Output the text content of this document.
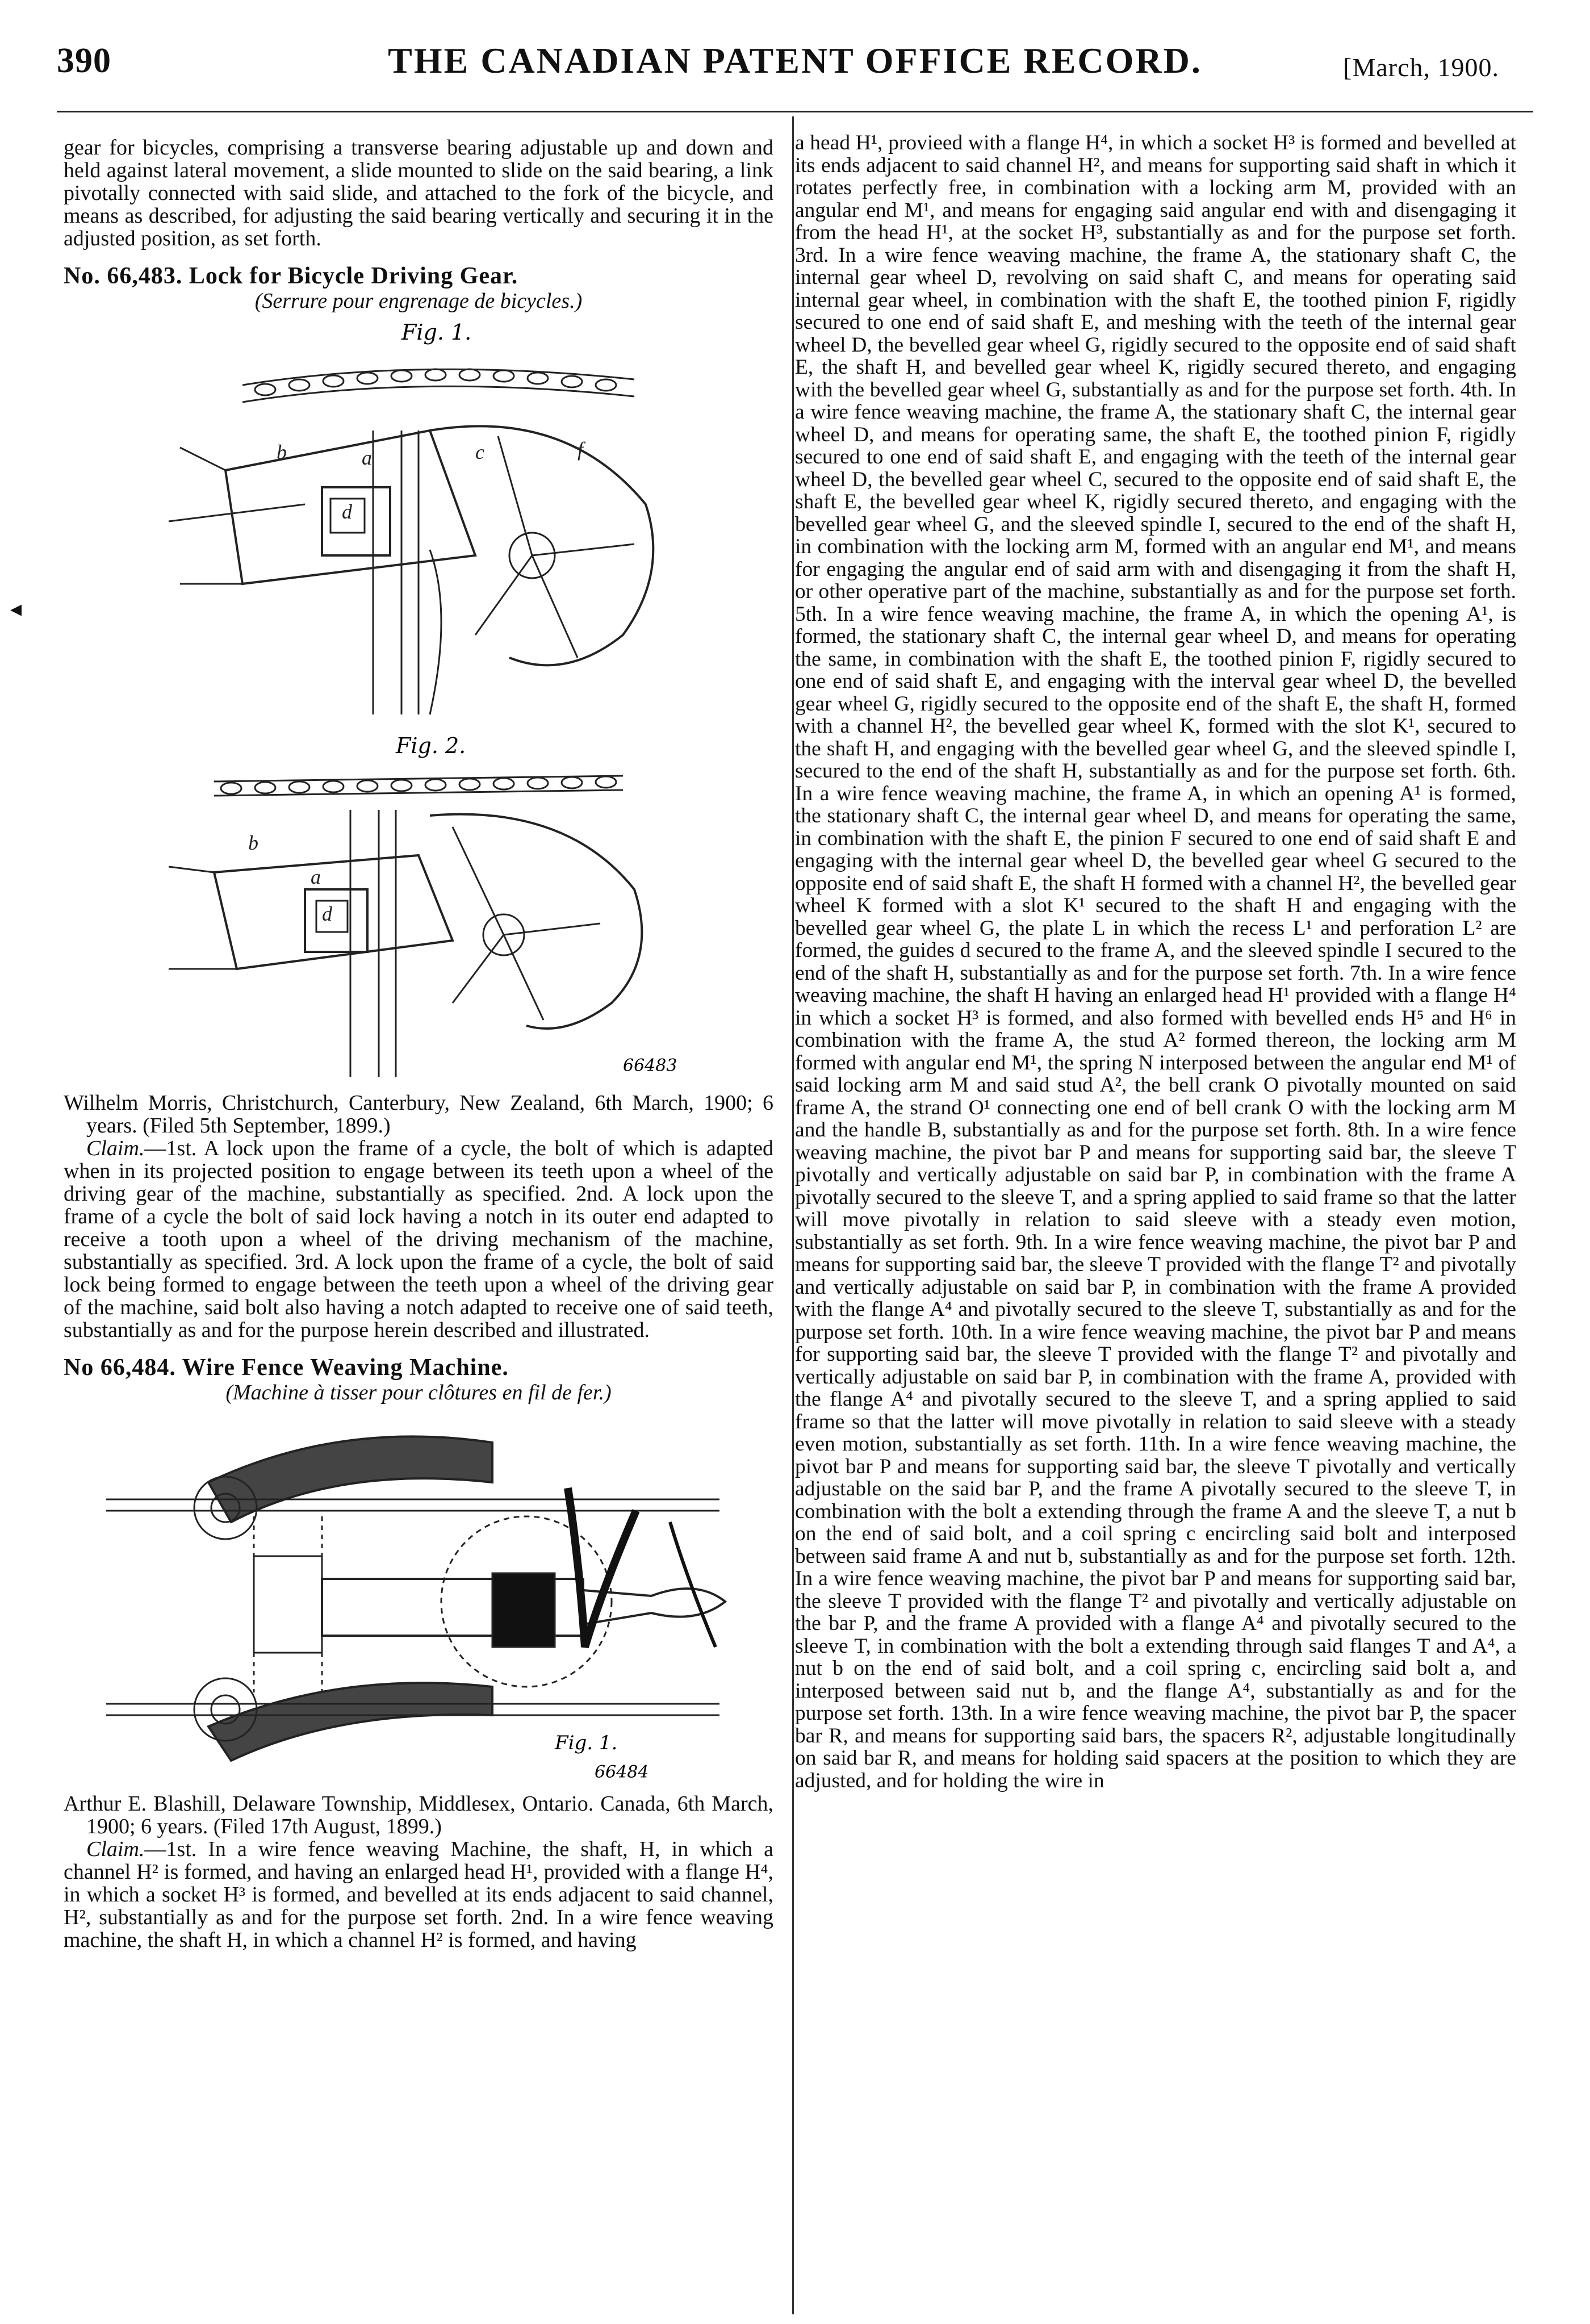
390	THE CANADIAN PATENT OFFICE RECORD.	[March, 1900.
◂

gear for bicycles, comprising a transverse bearing adjustable up and down and held against lateral movement, a slide mounted to slide on the said bearing, a link pivotally connected with said slide, and attached to the fork of the bicycle, and means as described, for adjusting the said bearing vertically and securing it in the adjusted position, as set forth.

No. 66,483. Lock for Bicycle Driving Gear.

(Serrure pour engrenage de bicycles.)

Fig. 1.
b	a
d
c	f
Fig. 2.
b
a
d
66483

Wilhelm Morris, Christchurch, Canterbury, New Zealand, 6th March, 1900; 6 years. (Filed 5th September, 1899.)

Claim.—1st. A lock upon the frame of a cycle, the bolt of which is adapted when in its projected position to engage between its teeth upon a wheel of the driving gear of the machine, substantially as specified. 2nd. A lock upon the frame of a cycle the bolt of said lock having a notch in its outer end adapted to receive a tooth upon a wheel of the driving mechanism of the machine, substantially as specified. 3rd. A lock upon the frame of a cycle, the bolt of said lock being formed to engage between the teeth upon a wheel of the driving gear of the machine, said bolt also having a notch adapted to receive one of said teeth, substantially as and for the purpose herein described and illustrated.

No 66,484. Wire Fence Weaving Machine.

(Machine à tisser pour clôtures en fil de fer.)

Fig. 1.
66484

Arthur E. Blashill, Delaware Township, Middlesex, Ontario. Canada, 6th March, 1900; 6 years. (Filed 17th August, 1899.)

Claim.—1st. In a wire fence weaving Machine, the shaft, H, in which a channel H² is formed, and having an enlarged head H¹, provided with a flange H⁴, in which a socket H³ is formed, and bevelled at its ends adjacent to said channel, H², substantially as and for the purpose set forth. 2nd. In a wire fence weaving machine, the shaft H, in which a channel H² is formed, and having

a head H¹, provieed with a flange H⁴, in which a socket H³ is formed and bevelled at its ends adjacent to said channel H², and means for supporting said shaft in which it rotates perfectly free, in combination with a locking arm M, provided with an angular end M¹, and means for engaging said angular end with and disengaging it from the head H¹, at the socket H³, substantially as and for the purpose set forth. 3rd. In a wire fence weaving machine, the frame A, the stationary shaft C, the internal gear wheel D, revolving on said shaft C, and means for operating said internal gear wheel, in combination with the shaft E, the toothed pinion F, rigidly secured to one end of said shaft E, and meshing with the teeth of the internal gear wheel D, the bevelled gear wheel G, rigidly secured to the opposite end of said shaft E, the shaft H, and bevelled gear wheel K, rigidly secured thereto, and engaging with the bevelled gear wheel G, substantially as and for the purpose set forth. 4th. In a wire fence weaving machine, the frame A, the stationary shaft C, the internal gear wheel D, and means for operating same, the shaft E, the toothed pinion F, rigidly secured to one end of said shaft E, and engaging with the teeth of the internal gear wheel D, the bevelled gear wheel C, secured to the opposite end of said shaft E, the shaft E, the bevelled gear wheel K, rigidly secured thereto, and engaging with the bevelled gear wheel G, and the sleeved spindle I, secured to the end of the shaft H, in combination with the locking arm M, formed with an angular end M¹, and means for engaging the angular end of said arm with and disengaging it from the shaft H, or other operative part of the machine, substantially as and for the purpose set forth. 5th. In a wire fence weaving machine, the frame A, in which the opening A¹, is formed, the stationary shaft C, the internal gear wheel D, and means for operating the same, in combination with the shaft E, the toothed pinion F, rigidly secured to one end of said shaft E, and engaging with the interval gear wheel D, the bevelled gear wheel G, rigidly secured to the opposite end of the shaft E, the shaft H, formed with a channel H², the bevelled gear wheel K, formed with the slot K¹, secured to the shaft H, and engaging with the bevelled gear wheel G, and the sleeved spindle I, secured to the end of the shaft H, substantially as and for the purpose set forth. 6th. In a wire fence weaving machine, the frame A, in which an opening A¹ is formed, the stationary shaft C, the internal gear wheel D, and means for operating the same, in combination with the shaft E, the pinion F secured to one end of said shaft E and engaging with the internal gear wheel D, the bevelled gear wheel G secured to the opposite end of said shaft E, the shaft H formed with a channel H², the bevelled gear wheel K formed with a slot K¹ secured to the shaft H and engaging with the bevelled gear wheel G, the plate L in which the recess L¹ and perforation L² are formed, the guides d secured to the frame A, and the sleeved spindle I secured to the end of the shaft H, substantially as and for the purpose set forth. 7th. In a wire fence weaving machine, the shaft H having an enlarged head H¹ provided with a flange H⁴ in which a socket H³ is formed, and also formed with bevelled ends H⁵ and H⁶ in combination with the frame A, the stud A² formed thereon, the locking arm M formed with angular end M¹, the spring N interposed between the angular end M¹ of said locking arm M and said stud A², the bell crank O pivotally mounted on said frame A, the strand O¹ connecting one end of bell crank O with the locking arm M and the handle B, substantially as and for the purpose set forth. 8th. In a wire fence weaving machine, the pivot bar P and means for supporting said bar, the sleeve T pivotally and vertically adjustable on said bar P, in combination with the frame A pivotally secured to the sleeve T, and a spring applied to said frame so that the latter will move pivotally in relation to said sleeve with a steady even motion, substantially as set forth. 9th. In a wire fence weaving machine, the pivot bar P and means for supporting said bar, the sleeve T provided with the flange T² and pivotally and vertically adjustable on said bar P, in combination with the frame A provided with the flange A⁴ and pivotally secured to the sleeve T, substantially as and for the purpose set forth. 10th. In a wire fence weaving machine, the pivot bar P and means for supporting said bar, the sleeve T provided with the flange T² and pivotally and vertically adjustable on said bar P, in combination with the frame A, provided with the flange A⁴ and pivotally secured to the sleeve T, and a spring applied to said frame so that the latter will move pivotally in relation to said sleeve with a steady even motion, substantially as set forth. 11th. In a wire fence weaving machine, the pivot bar P and means for supporting said bar, the sleeve T pivotally and vertically adjustable on the said bar P, and the frame A pivotally secured to the sleeve T, in combination with the bolt a extending through the frame A and the sleeve T, a nut b on the end of said bolt, and a coil spring c encircling said bolt and interposed between said frame A and nut b, substantially as and for the purpose set forth. 12th. In a wire fence weaving machine, the pivot bar P and means for supporting said bar, the sleeve T provided with the flange T² and pivotally and vertically adjustable on the bar P, and the frame A provided with a flange A⁴ and pivotally secured to the sleeve T, in combination with the bolt a extending through said flanges T and A⁴, a nut b on the end of said bolt, and a coil spring c, encircling said bolt a, and interposed between said nut b, and the flange A⁴, substantially as and for the purpose set forth. 13th. In a wire fence weaving machine, the pivot bar P, the spacer bar R, and means for supporting said bars, the spacers R², adjustable longitudinally on said bar R, and means for holding said spacers at the position to which they are adjusted, and for holding the wire in
